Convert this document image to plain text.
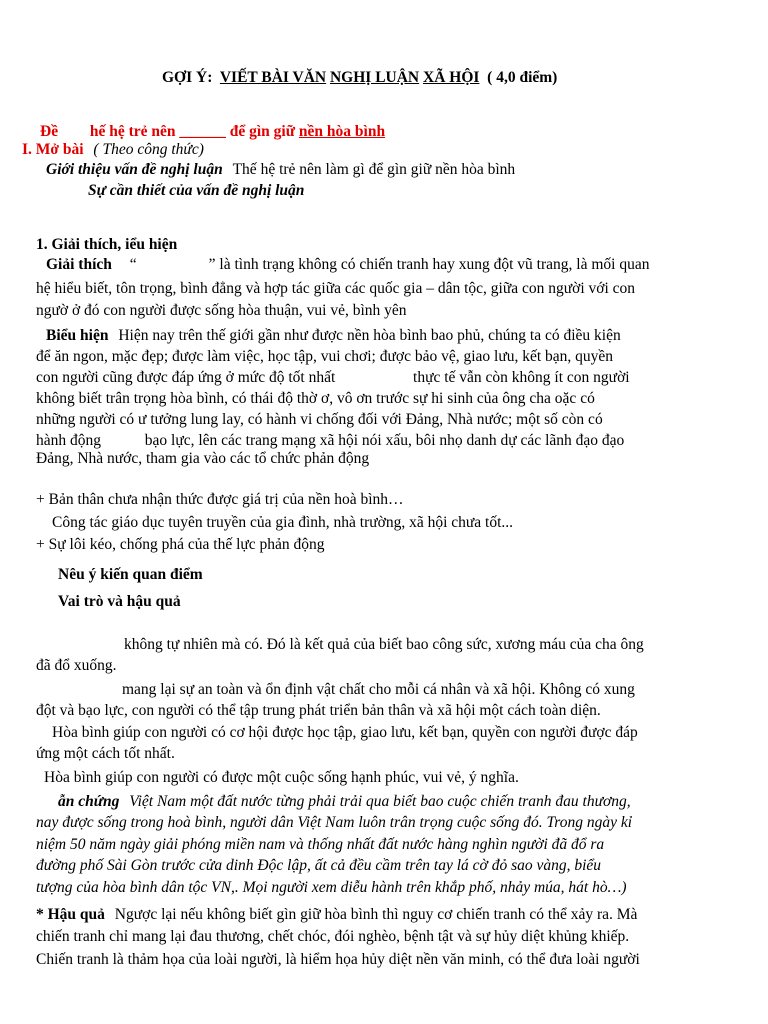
GỢI Ý: VIẾT BÀI VĂN NGHỊ LUẬN XÃ HỘI ( 4,0 điểm)
Đề hế hệ trẻ nên ______ để gìn giữ nền hòa bình
I. Mở bài ( Theo công thức)
Giới thiệu vấn đề nghị luận Thế hệ trẻ nên làm gì để gìn giữ nền hòa bình
Sự cần thiết của vấn đề nghị luận
1. Giải thích, iểu hiện
Giải thích “	” là tình trạng không có chiến tranh hay xung đột vũ trang, là mối quan
hệ hiểu biết, tôn trọng, bình đẳng và hợp tác giữa các quốc gia – dân tộc, giữa con người với con
ngườ ở đó con người được sống hòa thuận, vui vẻ, bình yên
Biểu hiện Hiện nay trên thế giới gần như được nền hòa bình bao phủ, chúng ta có điều kiện
để ăn ngon, mặc đẹp; được làm việc, học tập, vui chơi; được bảo vệ, giao lưu, kết bạn, quyền
con người cũng được đáp ứng ở mức độ tốt nhất	thực tế vẫn còn không ít con người
không biết trân trọng hòa bình, có thái độ thờ ơ, vô ơn trước sự hi sinh của ông cha oặc có
những người có ư tưởng lung lay, có hành vi chống đối với Đảng, Nhà nước; một số còn có
hành động	bạo lực, lên các trang mạng xã hội nói xấu, bôi nhọ danh dự các lãnh đạo đạo
Đảng, Nhà nước, tham gia vào các tổ chức phản động
+ Bản thân chưa nhận thức được giá trị của nền hoà bình…
Công tác giáo dục tuyên truyền của gia đình, nhà trường, xã hội chưa tốt...
+ Sự lôi kéo, chống phá của thế lực phản động
Nêu ý kiến quan điểm
Vai trò và hậu quả
không tự nhiên mà có. Đó là kết quả của biết bao công sức, xương máu của cha ông
đã đổ xuống.
mang lại sự an toàn và ổn định vật chất cho mỗi cá nhân và xã hội. Không có xung
đột và bạo lực, con người có thể tập trung phát triển bản thân và xã hội một cách toàn diện.
Hòa bình giúp con người có cơ hội được học tập, giao lưu, kết bạn, quyền con người được đáp
ứng một cách tốt nhất.
Hòa bình giúp con người có được một cuộc sống hạnh phúc, vui vẻ, ý nghĩa.
ẫn chứng Việt Nam một đất nước từng phải trải qua biết bao cuộc chiến tranh đau thương,
nay được sống trong hoà bình, người dân Việt Nam luôn trân trọng cuộc sống đó. Trong ngày kỉ
niệm 50 năm ngày giải phóng miền nam và thống nhất đất nước hàng nghìn người đã đổ ra
đường phố Sài Gòn trước cửa dinh Độc lập, ất cả đều cầm trên tay lá cờ đỏ sao vàng, biểu
tượng của hòa bình dân tộc VN,. Mọi người xem diễu hành trên khắp phố, nhảy múa, hát hò…)
* Hậu quả Ngược lại nếu không biết gìn giữ hòa bình thì nguy cơ chiến tranh có thể xảy ra. Mà
chiến tranh chỉ mang lại đau thương, chết chóc, đói nghèo, bệnh tật và sự hủy diệt khủng khiếp.
Chiến tranh là thảm họa của loài người, là hiểm họa hủy diệt nền văn minh, có thể đưa loài người
